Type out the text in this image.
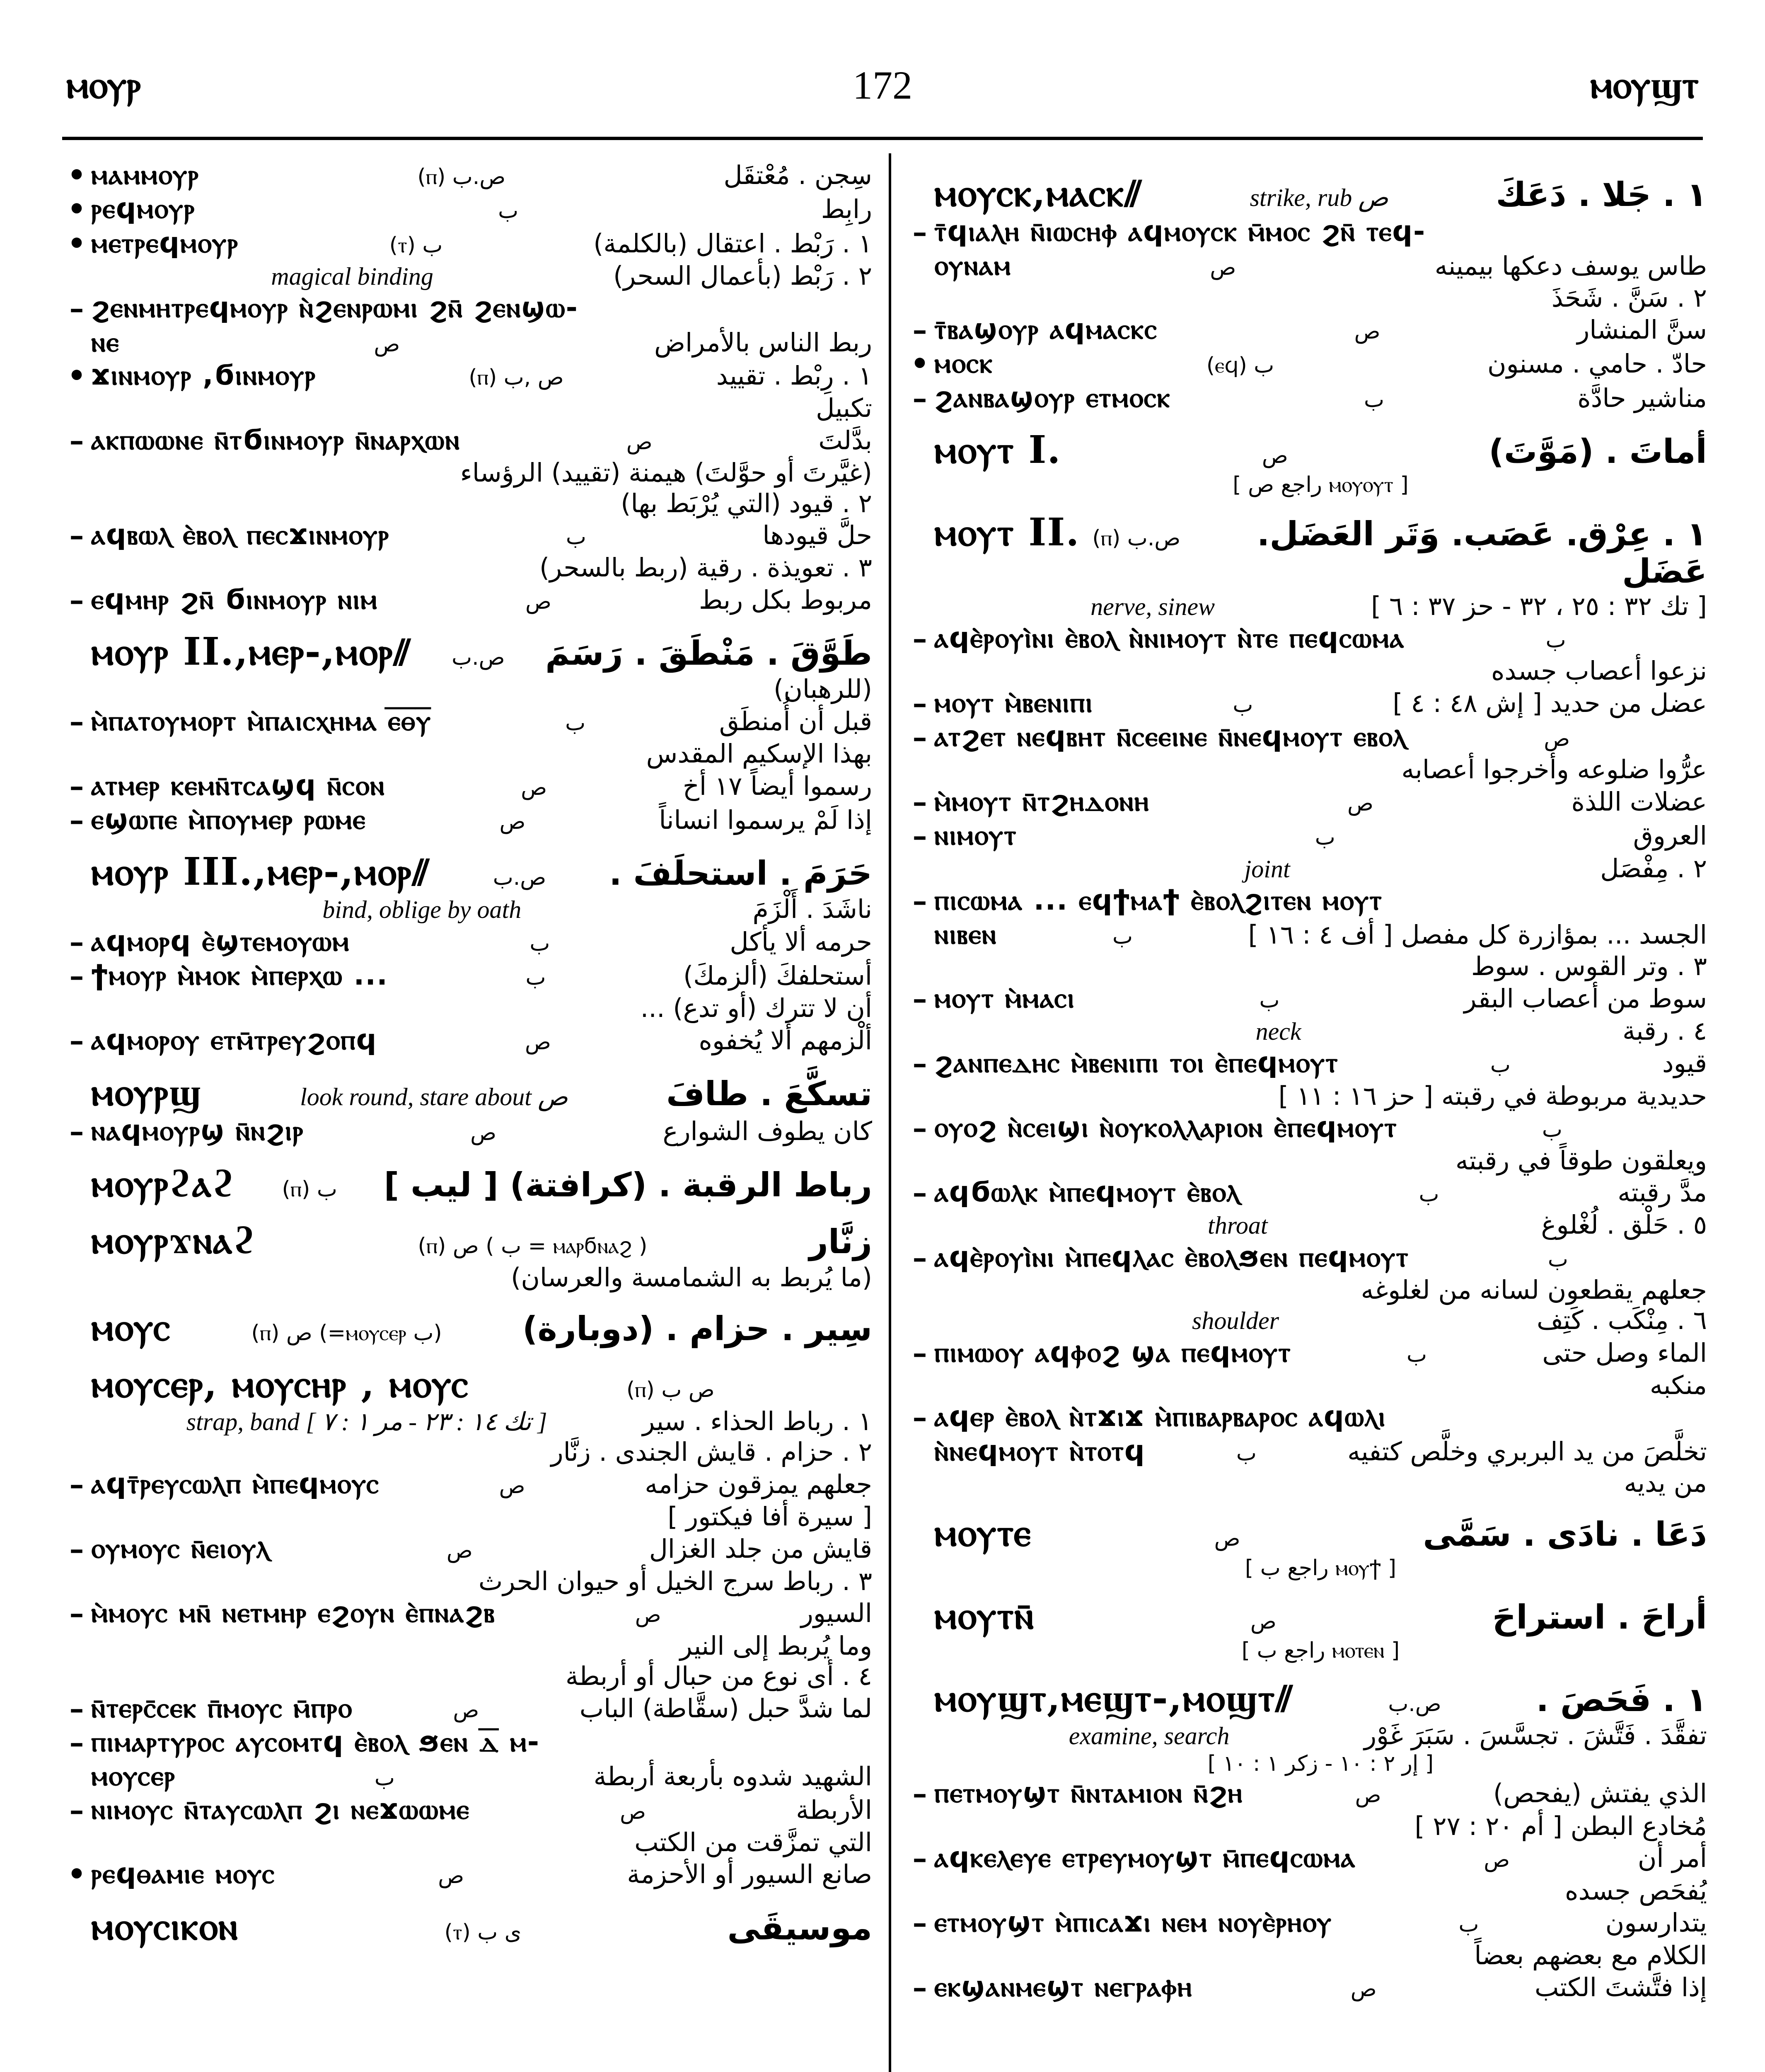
ⲙⲟⲩⲣ	172	ⲙⲟⲩϣⲧ
• ⲙⲁⲙⲙⲟⲩⲣ	(ⲡ) ص.ب	سِجن . مُعْتقَل
• ⲣⲉϥⲙⲟⲩⲣ	ب	رابِط
• ⲙⲉⲧⲣⲉϥⲙⲟⲩⲣ	(ⲧ) ب	١ . رَبْط . اعتقال (بالكلمة)
magical binding	٢ . رَبْط (بأعمال السحر)
– ϩⲉⲛⲙⲏⲧⲣⲉϥⲙⲟⲩⲣ ⲛ̀ϩⲉⲛⲣⲱⲙⲓ ϩⲛ̄ ϩⲉⲛϣⲱ-
ⲛⲉ	ص	ربط الناس بالأمراض
• ϫⲓⲛⲙⲟⲩⲣ ,ϭⲓⲛⲙⲟⲩⲣ	(ⲡ) ص ,ب	١ . رِبْط . تقييد
تكبيل
– ⲁⲕⲡⲱⲱⲛⲉ ⲛ̄ⲧϭⲓⲛⲙⲟⲩⲣ ⲛ̄ⲛⲁⲣⲭⲱⲛ	ص	بدَّلتَ
(غيَّرتَ أو حوَّلتَ) هيمنة (تقييد) الرؤساء
٢ . قيود (التي يُرْبَط بها)
– ⲁϥⲃⲱⲗ ⲉ̀ⲃⲟⲗ ⲡⲉⲥϫⲓⲛⲙⲟⲩⲣ	ب	حلَّ قيودها
٣ . تعويذة . رقية (ربط بالسحر)
– ⲉϥⲙⲏⲣ ϩⲛ̄ ϭⲓⲛⲙⲟⲩⲣ ⲛⲓⲙ	ص	مربوط بكل ربط
ⲙⲟⲩⲣ II.,ⲙⲉⲣ-,ⲙⲟⲣ⫽ ص.ب طَوَّقَ . مَنْطَقَ . رَسَمَ
(للرهبان)
– ⲙ̀ⲡⲁⲧⲟⲩⲙⲟⲣⲧ ⲙ̀ⲡⲁⲓⲥⲭⲏⲙⲁ ⲉ̅ⲑ̅ⲩ̅	ب	قبل أن أُمنطَق
بهذا الإسكيم المقدس
– ⲁⲧⲙⲉⲣ ⲕⲉⲙⲛ̄ⲧⲥⲁϣϥ ⲛ̄ⲥⲟⲛ	ص	رسموا أيضاً ١٧ أخ
– ⲉϣⲱⲡⲉ ⲙ̀ⲡⲟⲩⲙⲉⲣ ⲣⲱⲙⲉ	ص	إذا لَمْ يرسموا انساناً
ⲙⲟⲩⲣ III.,ⲙⲉⲣ-,ⲙⲟⲣ⫽	ص.ب حَرَمَ . استحلَفَ .
bind, oblige by oath	ناشَدَ . أَلْزَمَ
– ⲁϥⲙⲟⲣϥ ⲉ̀ϣⲧⲉⲙⲟⲩⲱⲙ	ب	حرمه ألا يأكل
– ϯⲙⲟⲩⲣ ⲙ̀ⲙⲟⲕ ⲙ̀ⲡⲉⲣⲭⲱ ...	ب	أستحلفكَ (ألزمكَ)
أن لا تترك (أو تدع) ...
– ⲁϥⲙⲟⲣⲟⲩ ⲉⲧⲙ̄ⲧⲣⲉⲩϩⲟⲡϥ	ص	ألْزمهم ألا يُخفوه
ⲙⲟⲩⲣϣ	look round, stare about ص	تسكَّعَ . طافَ
– ⲛⲁϥⲙⲟⲩⲣϣ ⲛ̄ⲛϩⲓⲣ	ص	كان يطوف الشوارع
ⲙⲟⲩⲣϩⲁϩ (ⲡ) ب رباط الرقبة . (كرافتة) [ ليب ]
ⲙⲟⲩⲣϫⲛⲁϩ	(ⲡ) ص ( ب = ⲙⲁⲣϭⲛⲁϩ )	زنَّار
(ما يُربط به الشمامسة والعرسان)
ⲙⲟⲩⲥ	(ⲡ) ص (=ⲙⲟⲩⲥⲉⲣ ب) سِير . حزام . (دوبارة)
ⲙⲟⲩⲥⲉⲣ, ⲙⲟⲩⲥⲏⲣ , ⲙⲟⲩⲥ	(ⲡ) ص ب
strap, band [ تك ١٤ : ٢٣ - مر ١ : ٧ ]	١ . رباط الحذاء . سير
٢ . حزام . قايش الجندى . زنَّار
– ⲁϥⲧ̄ⲣⲉⲩⲥⲱⲗⲡ ⲙ̀ⲡⲉϥⲙⲟⲩⲥ	ص	جعلهم يمزقون حزامه
[ سيرة أفا فيكتور ]
– ⲟⲩⲙⲟⲩⲥ ⲛ̄ⲉⲓⲟⲩⲗ	ص	قايش من جلد الغزال
٣ . رباط سرج الخيل أو حيوان الحرث
– ⲙ̀ⲙⲟⲩⲥ ⲙⲛ̄ ⲛⲉⲧⲙⲏⲣ ⲉϩⲟⲩⲛ ⲉ̀ⲡⲛⲁϩⲃ	ص	السيور
وما يُربط إلى النير
٤ . أى نوع من حبال أو أربطة
– ⲛ̄ⲧⲉⲣⲥ̄ⲥⲉⲕ ⲡ̄ⲙⲟⲩⲥ ⲙ̄ⲡⲣⲟ	ص	لما شدَّ حبل (سقَّاطة) الباب
– ⲡⲓⲙⲁⲣⲧⲩⲣⲟⲥ ⲁⲩⲥⲟⲙⲧϥ ⲉ̀ⲃⲟⲗ ϧⲉⲛ ⲇ̅ ⲙ-
ⲙⲟⲩⲥⲉⲣ	ب	الشهيد شدوه بأربعة أربطة
– ⲛⲓⲙⲟⲩⲥ ⲛ̄ⲧⲁⲩⲥⲱⲗⲡ ϩⲓ ⲛⲉϫⲱⲱⲙⲉ	ص	الأربطة
التي تمزَّقت من الكتب
• ⲣⲉϥⲑⲁⲙⲓⲉ ⲙⲟⲩⲥ	ص	صانع السيور أو الأحزمة
ⲙⲟⲩⲥⲓⲕⲟⲛ	(ⲧ) ى ب	موسيقَى
ⲙⲟⲩⲥⲕ,ⲙⲁⲥⲕ⫽	strike, rub ص	١ . جَلا . دَعَكَ
– ⲧ̄ϥⲓⲁⲗⲏ ⲛ̄ⲓⲱⲥⲏⲫ ⲁϥⲙⲟⲩⲥⲕ ⲙ̄ⲙⲟⲥ ϩⲛ̄ ⲧⲉϥ-
ⲟⲩⲛⲁⲙ	ص	طاس يوسف دعكها بيمينه
٢ . سَنَّ . شَحَذَ
– ⲧ̄ⲃⲁϣⲟⲩⲣ ⲁϥⲙⲁⲥⲕⲥ	ص	سنَّ المنشار
• ⲙⲟⲥⲕ	(ⲉϥ) ب	حادّ . حامي . مسنون
– ϩⲁⲛⲃⲁϣⲟⲩⲣ ⲉⲧⲙⲟⲥⲕ	ب	مناشير حادَّة
ⲙⲟⲩⲧ I.	ص	أماتَ . (مَوَّتَ)
[ راجع ص ⲙⲟⲩⲟⲩⲧ ]
ⲙⲟⲩⲧ II. (ⲡ) ص.ب	١ . عِرْق. عَصَب. وَتَر العَضَل. عَضَل
nerve, sinew	[ تك ٣٢ : ٢٥ ، ٣٢ - حز ٣٧ : ٦ ]
– ⲁϥⲉ̀ⲣⲟⲩⲓ̀ⲛⲓ ⲉ̀ⲃⲟⲗ ⲛ̀ⲛⲓⲙⲟⲩⲧ ⲛ̀ⲧⲉ ⲡⲉϥⲥⲱⲙⲁ	ب
نزعوا أعصاب جسده
– ⲙⲟⲩⲧ ⲙ̀ⲃⲉⲛⲓⲡⲓ	ب	عضل من حديد [ إش ٤٨ : ٤ ]
– ⲁⲧϩⲉⲧ ⲛⲉϥⲃⲏⲧ ⲛ̄ⲥⲉⲉⲓⲛⲉ ⲛ̄ⲛⲉϥⲙⲟⲩⲧ ⲉⲃⲟⲗ	ص
عرُّوا ضلوعه وأخرجوا أعصابه
– ⲙ̀ⲙⲟⲩⲧ ⲛ̄ⲧϩⲏⲇⲟⲛⲏ	ص	عضلات اللذة
– ⲛⲓⲙⲟⲩⲧ	ب	العروق
joint	٢ . مِفْصَل
– ⲡⲓⲥⲱⲙⲁ ... ⲉϥϯⲙⲁϯ ⲉ̀ⲃⲟⲗϩⲓⲧⲉⲛ ⲙⲟⲩⲧ
ⲛⲓⲃⲉⲛ	ب	الجسد ... بمؤازرة كل مفصل [ أف ٤ : ١٦ ]
٣ . وتر القوس . سوط
– ⲙⲟⲩⲧ ⲙ̀ⲙⲁⲥⲓ	ب	سوط من أعصاب البقر
neck	٤ . رقبة
– ϩⲁⲛⲡⲉⲇⲏⲥ ⲙ̀ⲃⲉⲛⲓⲡⲓ ⲧⲟⲓ ⲉ̀ⲡⲉϥⲙⲟⲩⲧ	ب	قيود
حديدية مربوطة في رقبته [ حز ١٦ : ١١ ]
– ⲟⲩⲟϩ ⲛ̀ⲥⲉⲓϣⲓ ⲛ̀ⲟⲩⲕⲟⲗⲗⲁⲣⲓⲟⲛ ⲉ̀ⲡⲉϥⲙⲟⲩⲧ	ب
ويعلقون طوقاً في رقبته
– ⲁϥϭⲱⲗⲕ ⲙ̀ⲡⲉϥⲙⲟⲩⲧ ⲉ̀ⲃⲟⲗ	ب	مدَّ رقبته
throat	٥ . حَلْق . لُغْلوغ
– ⲁϥⲉ̀ⲣⲟⲩⲓ̀ⲛⲓ ⲙ̀ⲡⲉϥⲗⲁⲥ ⲉ̀ⲃⲟⲗϧⲉⲛ ⲡⲉϥⲙⲟⲩⲧ	ب
جعلهم يقطعون لسانه من لغلوغه
shoulder	٦ . مِنْكَب . كَتِف
– ⲡⲓⲙⲱⲟⲩ ⲁϥⲫⲟϩ ϣⲁ ⲡⲉϥⲙⲟⲩⲧ	ب	الماء وصل حتى
منكبه
– ⲁϥⲉⲣ ⲉ̀ⲃⲟⲗ ⲛ̀ⲧϫⲓϫ ⲙ̀ⲡⲓⲃⲁⲣⲃⲁⲣⲟⲥ ⲁϥⲱⲗⲓ
ⲛ̀ⲛⲉϥⲙⲟⲩⲧ ⲛ̀ⲧⲟⲧϥ	ب	تخلَّصَ من يد البربري وخلَّص كتفيه
من يديه
ⲙⲟⲩⲧⲉ	ص	دَعَا . نادَى . سَمَّى
[ راجع ب ⲙⲟⲩϯ ]
ⲙⲟⲩⲧⲛ̄	ص	أراحَ . استراحَ
[ راجع ب ⲙⲟⲧⲉⲛ ]
ⲙⲟⲩϣⲧ,ⲙⲉϣⲧ-,ⲙⲟϣⲧ⫽	ص.ب	١ . فَحَصَ .
examine, search	تفقَّدَ . فَتَّشَ . تجسَّسَ . سَبَرَ غَوْر
[ إر ٢ : ١٠ - زكر ١ : ١٠ ]
– ⲡⲉⲧⲙⲟⲩϣⲧ ⲛ̄ⲛⲧⲁⲙⲓⲟⲛ ⲛ̄ϩⲏ	ص	الذي يفتش (يفحص)
مُخادع البطن [ أم ٢٠ : ٢٧ ]
– ⲁϥⲕⲉⲗⲉⲩⲉ ⲉⲧⲣⲉⲩⲙⲟⲩϣⲧ ⲙ̄ⲡⲉϥⲥⲱⲙⲁ	ص	أمر أن
يُفحَص جسده
– ⲉⲧⲙⲟⲩϣⲧ ⲙ̀ⲡⲓⲥⲁϫⲓ ⲛⲉⲙ ⲛⲟⲩⲉ̀ⲣⲏⲟⲩ	ب	يتدارسون
الكلام مع بعضهم بعضاً
– ⲉⲕϣⲁⲛⲙⲉϣⲧ ⲛⲉⲅⲣⲁⲫⲏ	ص	إذا فتَّشتَ الكتب
